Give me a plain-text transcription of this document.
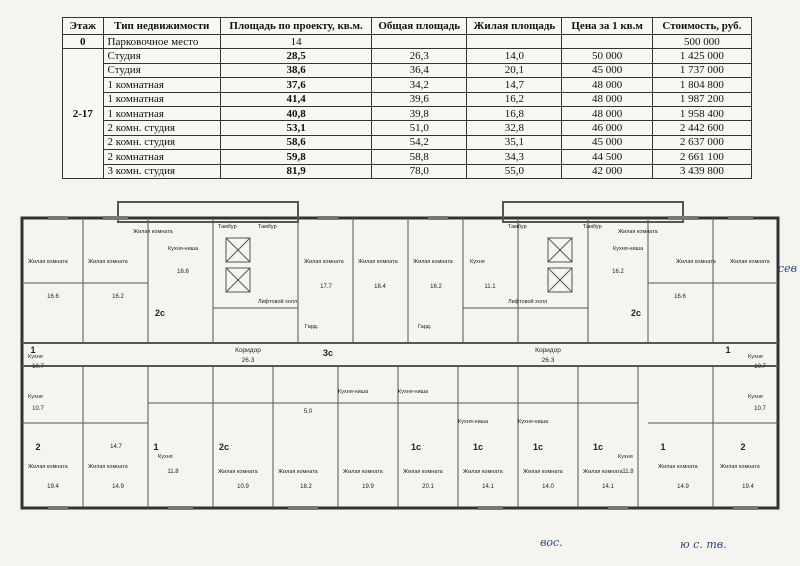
Этаж	Тип недвижимости	Площадь по проекту, кв.м.	Общая площадь	Жилая площадь	Цена за 1 кв.м	Стоимость, руб.
0	Парковочное место	14				500 000
2-17	Студия	28,5	26,3	14,0	50 000	1 425 000
	Студия	38,6	36,4	20,1	45 000	1 737 000
	1 комнатная	37,6	34,2	14,7	48 000	1 804 800
	1 комнатная	41,4	39,6	16,2	48 000	1 987 200
	1 комнатная	40,8	39,8	16,8	48 000	1 958 400
	2 комн. студия	53,1	51,0	32,8	46 000	2 442 600
	2 комн. студия	58,6	54,2	35,1	45 000	2 637 000
	2 комнатная	59,8	58,8	34,3	44 500	2 661 100
	3 комн. студия	81,9	78,0	55,0	42 000	3 439 800
Жилая комната	Жилая комната
Кухня-ниша
Жилая комната
Тамбур	Тамбур
Лифтовой холл
Жилая комната	Жилая комната	Жилая комната	Кухня
Тамбур	Тамбур
Лифтовой холл
Жилая комната
Кухня-ниша
Жилая комната	Жилая комната
Кухня
Кухня
Кухня
Кухня
Гард.	Гард.
Кухня-ниша	Кухня-ниша
Кухня-ниша	Кухня-ниша
Кухня	Кухня
Жилая комната	Жилая комната
Жилая комната	Жилая комната	Жилая комната	Жилая комната	Жилая комната	Жилая комната	Жилая комната
Жилая комната	Жилая комната
Коридор
26.3
Коридор
26.3
16.6	16.2
16.6
17.7	18.4	16.2
16.2
16.6
14.7
10.9	18.2	19.9	20.1	14.1	14.0	14.1
19.4	14.9	19.4
14.9
10.7
10.7
11.8	11.8
10.7
10.7
11.1
5.0
2с	2с
3с
1с	1с	1с
1
1	1
2	2
1с
2с	1
сев
вос.	ю с. тв.
